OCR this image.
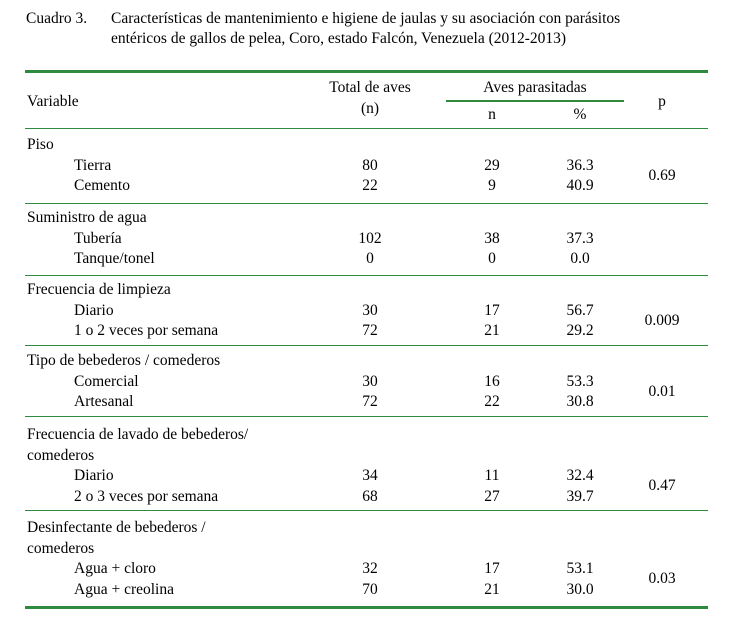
Cuadro 3. Características de mantenimiento e higiene de jaulas y su asociación con parásitos
entéricos de gallos de pelea, Coro, estado Falcón, Venezuela (2012-2013)
Variable
Total de aves
(n)
Aves parasitadas
n	%
p
Piso
Tierra	80	29	36.3
Cemento	22	9	40.9
0.69
Suministro de agua
Tubería	102	38	37.3
Tanque/tonel	0	0	0.0
Frecuencia de limpieza
Diario	30	17	56.7
1 o 2 veces por semana	72	21	29.2
0.009
Tipo de bebederos / comederos
Comercial	30	16	53.3
Artesanal	72	22	30.8
0.01
Frecuencia de lavado de bebederos/
comederos
Diario	34	11	32.4
2 o 3 veces por semana	68	27	39.7
0.47
Desinfectante de bebederos /
comederos
Agua + cloro	32	17	53.1
Agua + creolina	70	21	30.0
0.03
